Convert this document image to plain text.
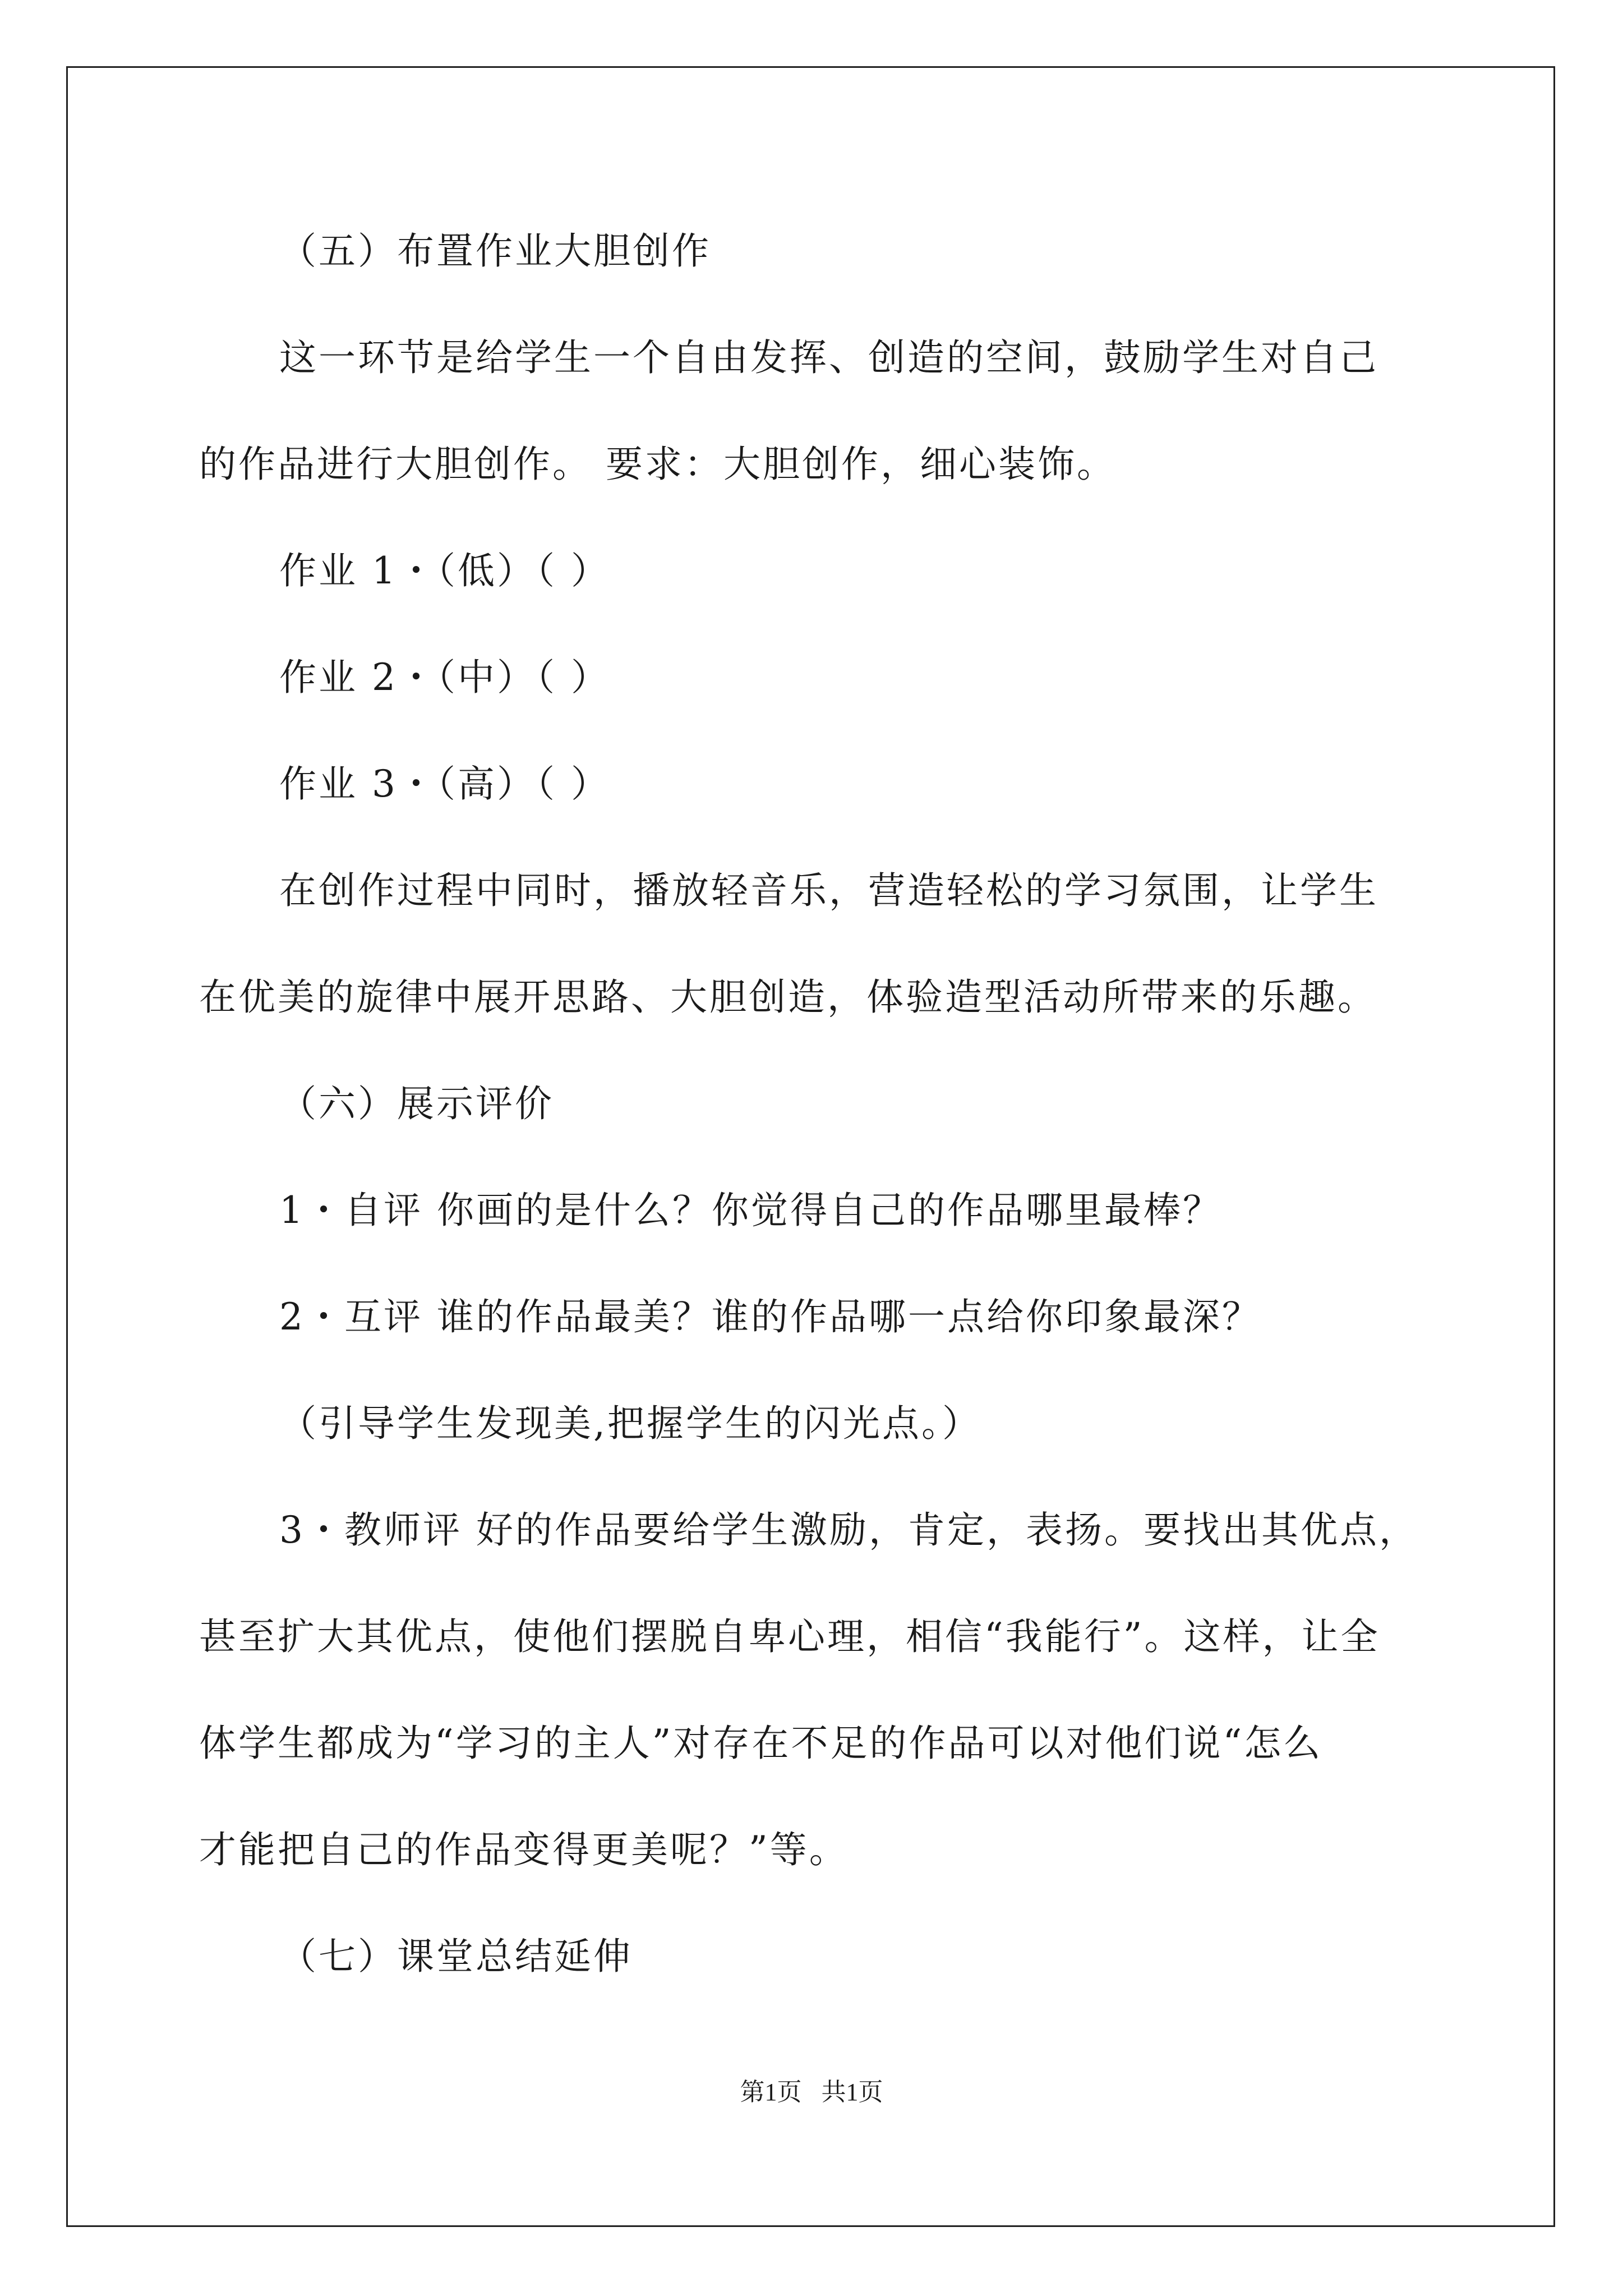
（五）布置作业大胆创作
这一环节是给学生一个自由发挥、创造的空间，鼓励学生对自己
的作品进行大胆创作。 要求：大胆创作，细心装饰。
作业 1・（低）（ ）
作业 2・（中）（ ）
作业 3・（高）（ ）
在创作过程中同时，播放轻音乐，营造轻松的学习氛围，让学生
在优美的旋律中展开思路、大胆创造，体验造型活动所带来的乐趣。
（六）展示评价
1・自评 你画的是什么？你觉得自己的作品哪里最棒？
2・互评 谁的作品最美？谁的作品哪一点给你印象最深？
（引导学生发现美,把握学生的闪光点。）
3・教师评 好的作品要给学生激励，肯定，表扬。要找出其优点，
甚至扩大其优点，使他们摆脱自卑心理，相信“我能行”。这样，让全
体学生都成为“学习的主人”对存在不足的作品可以对他们说“怎么
才能把自己的作品变得更美呢？”等。
（七）课堂总结延伸
第1页 共1页
